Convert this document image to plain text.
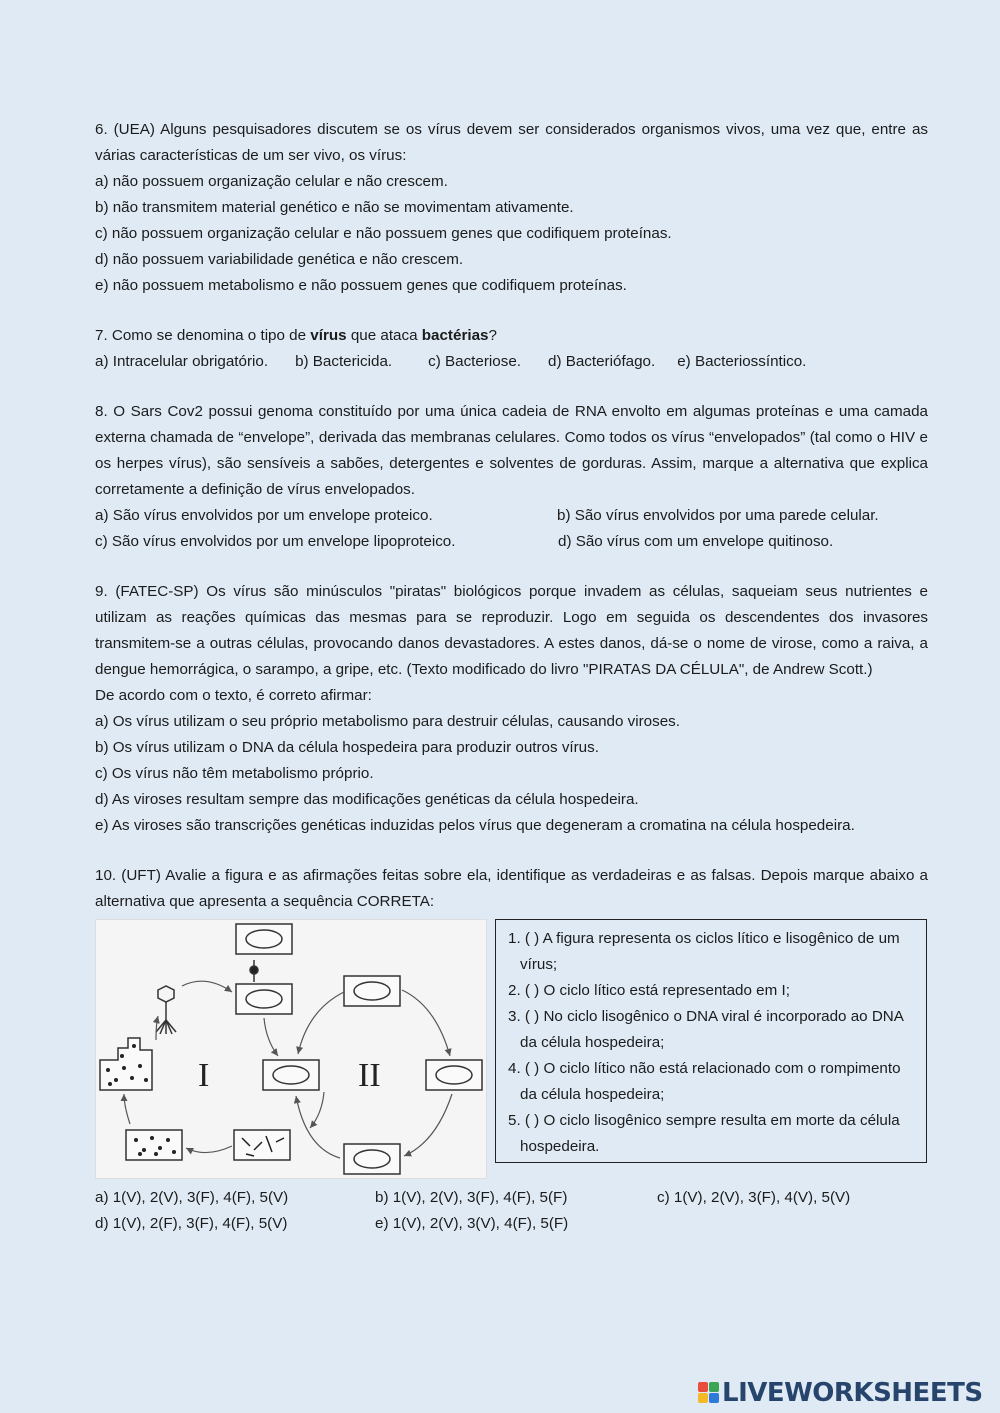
6. (UEA) Alguns pesquisadores discutem se os vírus devem ser considerados organismos vivos, uma vez que, entre as várias características de um ser vivo, os vírus:

a) não possuem organização celular e não crescem.

b) não transmitem material genético e não se movimentam ativamente.

c) não possuem organização celular e não possuem genes que codifiquem proteínas.

d) não possuem variabilidade genética e não crescem.

e) não possuem metabolismo e não possuem genes que codifiquem proteínas.

7. Como se denomina o tipo de vírus que ataca bactérias?

a) Intracelular obrigatório. b) Bactericida. c) Bacteriose. d) Bacteriófago. e) Bacteriossíntico.

8. O Sars Cov2 possui genoma constituído por uma única cadeia de RNA envolto em algumas proteínas e uma camada externa chamada de “envelope”, derivada das membranas celulares. Como todos os vírus “envelopados” (tal como o HIV e os herpes vírus), são sensíveis a sabões, detergentes e solventes de gorduras. Assim, marque a alternativa que explica corretamente a definição de vírus envelopados.

a) São vírus envolvidos por um envelope proteico.	b) São vírus envolvidos por uma parede celular.
c) São vírus envolvidos por um envelope lipoproteico.	d) São vírus com um envelope quitinoso.

9. (FATEC-SP) Os vírus são minúsculos "piratas" biológicos porque invadem as células, saqueiam seus nutrientes e utilizam as reações químicas das mesmas para se reproduzir. Logo em seguida os descendentes dos invasores transmitem-se a outras células, provocando danos devastadores. A estes danos, dá-se o nome de virose, como a raiva, a dengue hemorrágica, o sarampo, a gripe, etc. (Texto modificado do livro "PIRATAS DA CÉLULA", de Andrew Scott.)

De acordo com o texto, é correto afirmar:

a) Os vírus utilizam o seu próprio metabolismo para destruir células, causando viroses.

b) Os vírus utilizam o DNA da célula hospedeira para produzir outros vírus.

c) Os vírus não têm metabolismo próprio.

d) As viroses resultam sempre das modificações genéticas da célula hospedeira.

e) As viroses são transcrições genéticas induzidas pelos vírus que degeneram a cromatina na célula hospedeira.

10. (UFT) Avalie a figura e as afirmações feitas sobre ela, identifique as verdadeiras e as falsas. Depois marque abaixo a alternativa que apresenta a sequência CORRETA:

I	II

1. ( ) A figura representa os ciclos lítico e lisogênico de um vírus;

2. ( ) O ciclo lítico está representado em I;

3. ( ) No ciclo lisogênico o DNA viral é incorporado ao DNA da célula hospedeira;

4. ( ) O ciclo lítico não está relacionado com o rompimento da célula hospedeira;

5. ( ) O ciclo lisogênico sempre resulta em morte da célula hospedeira.

a) 1(V), 2(V), 3(F), 4(F), 5(V)	b) 1(V), 2(V), 3(F), 4(F), 5(F)	c) 1(V), 2(V), 3(F), 4(V), 5(V)
d) 1(V), 2(F), 3(F), 4(F), 5(V)	e) 1(V), 2(V), 3(V), 4(F), 5(F)
LIVEWORKSHEETS
